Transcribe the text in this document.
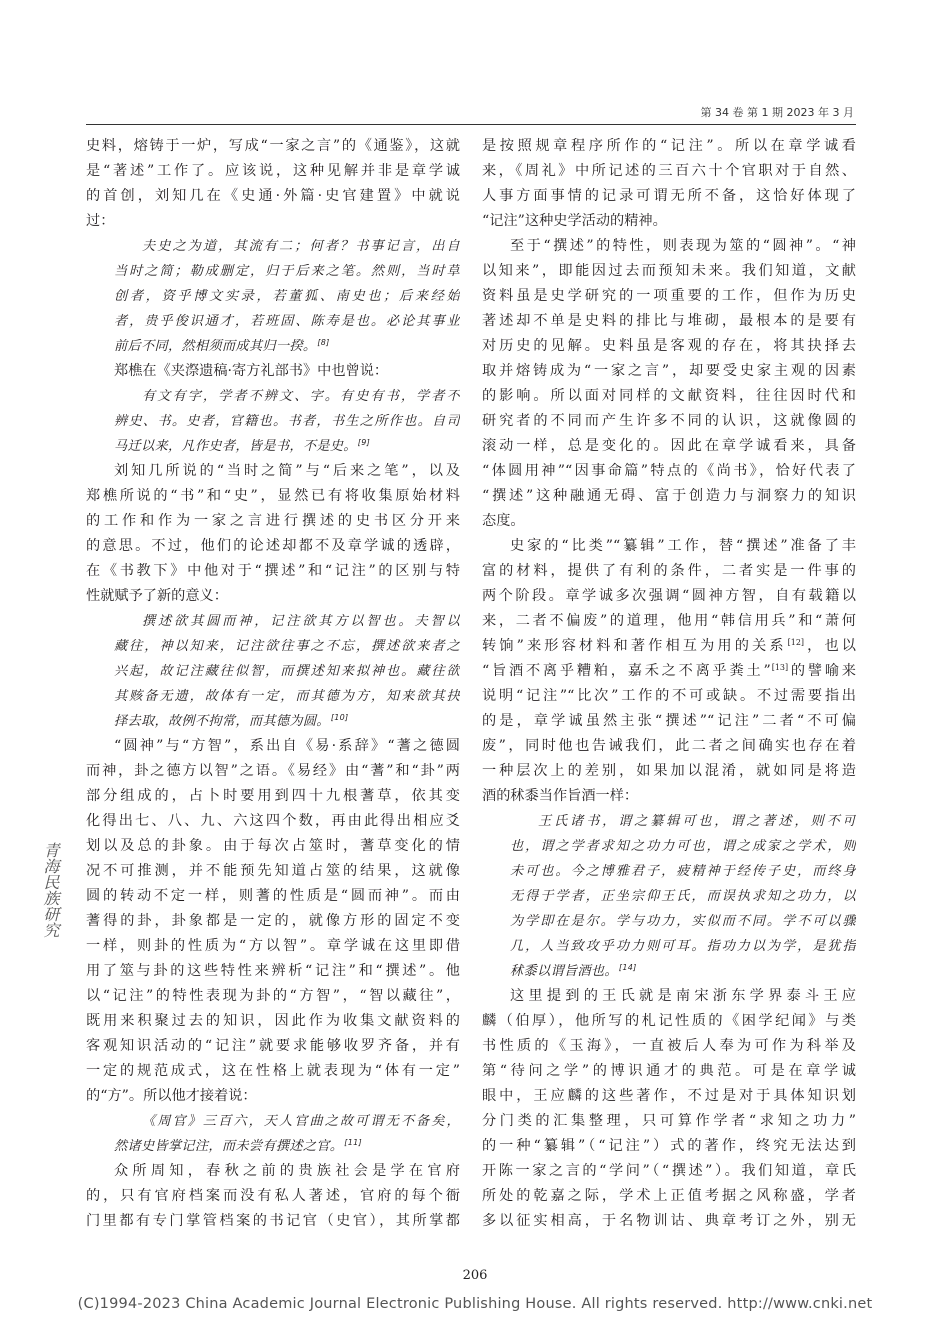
第 34 卷 第 1 期 2023 年 3 月
史料，熔铸于一炉，写成“一家之言”的《通鉴》，这就
是“著述”工作了。应该说，这种见解并非是章学诚
的首创，刘知几在《史通·外篇·史官建置》中就说
过：
夫史之为道，其流有二；何者？书事记言，出自
当时之简；勒成删定，归于后来之笔。然则，当时草
创者，资乎博文实录，若董狐、南史也；后来经始
者，贵乎俊识通才，若班固、陈寿是也。必论其事业
前后不同，然相须而成其归一揆。[8]
郑樵在《夹漈遗稿·寄方礼部书》中也曾说：
有文有字，学者不辨文、字。有史有书，学者不
辨史、书。史者，官籍也。书者，书生之所作也。自司
马迁以来，凡作史者，皆是书，不是史。[9]
刘知几所说的“当时之简”与“后来之笔”，以及
郑樵所说的“书”和“史”，显然已有将收集原始材料
的工作和作为一家之言进行撰述的史书区分开来
的意思。不过，他们的论述却都不及章学诚的透辟，
在《书教下》中他对于“撰述”和“记注”的区别与特
性就赋予了新的意义：
撰述欲其圆而神，记注欲其方以智也。夫智以
藏往，神以知来，记注欲往事之不忘，撰述欲来者之
兴起，故记注藏往似智，而撰述知来拟神也。藏往欲
其赅备无遗，故体有一定，而其德为方，知来欲其抉
择去取，故例不拘常，而其德为圆。[10]
“圆神”与“方智”，系出自《易·系辞》“蓍之德圆
而神，卦之德方以智”之语。《易经》由“蓍”和“卦”两
部分组成的，占卜时要用到四十九根蓍草，依其变
化得出七、八、九、六这四个数，再由此得出相应爻
划以及总的卦象。由于每次占筮时，蓍草变化的情
况不可推测，并不能预先知道占筮的结果，这就像
圆的转动不定一样，则蓍的性质是“圆而神”。而由
蓍得的卦，卦象都是一定的，就像方形的固定不变
一样，则卦的性质为“方以智”。章学诚在这里即借
用了筮与卦的这些特性来辨析“记注”和“撰述”。他
以“记注”的特性表现为卦的“方智”，“智以藏往”，
既用来积聚过去的知识，因此作为收集文献资料的
客观知识活动的“记注”就要求能够收罗齐备，并有
一定的规范成式，这在性格上就表现为“体有一定”
的“方”。所以他才接着说：
《周官》三百六，天人官曲之故可谓无不备矣，
然诸史皆掌记注，而未尝有撰述之官。[11]
众所周知，春秋之前的贵族社会是学在官府
的，只有官府档案而没有私人著述，官府的每个衙
门里都有专门掌管档案的书记官（史官），其所掌都
是按照规章程序所作的“记注”。所以在章学诚看
来，《周礼》中所记述的三百六十个官职对于自然、
人事方面事情的记录可谓无所不备，这恰好体现了
“记注”这种史学活动的精神。
至于“撰述”的特性，则表现为筮的“圆神”。“神
以知来”，即能因过去而预知未来。我们知道，文献
资料虽是史学研究的一项重要的工作，但作为历史
著述却不单是史料的排比与堆砌，最根本的是要有
对历史的见解。史料虽是客观的存在，将其抉择去
取并熔铸成为“一家之言”，却要受史家主观的因素
的影响。所以面对同样的文献资料，往往因时代和
研究者的不同而产生许多不同的认识，这就像圆的
滚动一样，总是变化的。因此在章学诚看来，具备
“体圆用神”“因事命篇”特点的《尚书》，恰好代表了
“撰述”这种融通无碍、富于创造力与洞察力的知识
态度。
史家的“比类”“纂辑”工作，替“撰述”准备了丰
富的材料，提供了有利的条件，二者实是一件事的
两个阶段。章学诚多次强调“圆神方智，自有载籍以
来，二者不偏废”的道理，他用“韩信用兵”和“萧何
转饷”来形容材料和著作相互为用的关系[12]，也以
“旨酒不离乎糟粕，嘉禾之不离乎粪土”[13]的譬喻来
说明“记注”“比次”工作的不可或缺。不过需要指出
的是，章学诚虽然主张“撰述”“记注”二者“不可偏
废”，同时他也告诫我们，此二者之间确实也存在着
一种层次上的差别，如果加以混淆，就如同是将造
酒的秫黍当作旨酒一样：
王氏诸书，谓之纂辑可也，谓之著述，则不可
也，谓之学者求知之功力可也，谓之成家之学术，则
未可也。今之博雅君子，疲精神于经传子史，而终身
无得于学者，正坐宗仰王氏，而误执求知之功力，以
为学即在是尔。学与功力，实似而不同。学不可以骤
几，人当致攻乎功力则可耳。指功力以为学，是犹指
秫黍以谓旨酒也。[14]
这里提到的王氏就是南宋浙东学界泰斗王应
麟（伯厚），他所写的札记性质的《困学纪闻》与类
书性质的《玉海》，一直被后人奉为可作为科举及
第“待问之学”的博识通才的典范。可是在章学诚
眼中，王应麟的这些著作，不过是对于具体知识划
分门类的汇集整理，只可算作学者“求知之功力”
的一种“纂辑”（“记注”）式的著作，终究无法达到
开陈一家之言的“学问”（“撰述”）。我们知道，章氏
所处的乾嘉之际，学术上正值考据之风称盛，学者
多以征实相高，于名物训诂、典章考订之外，别无
青海民族研究
206
(C)1994-2023 China Academic Journal Electronic Publishing House. All rights reserved. http://www.cnki.net
